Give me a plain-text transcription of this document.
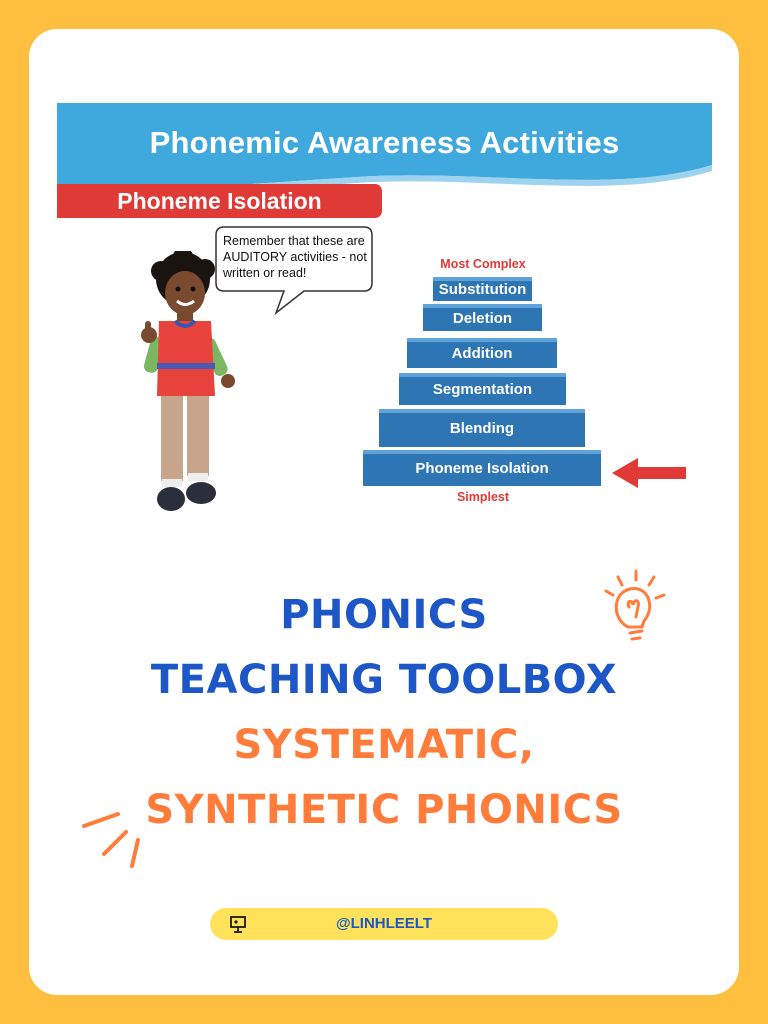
Phonemic Awareness Activities
Phoneme Isolation
Remember that these are AUDITORY activities - not written or read!
Most Complex
Substitution
Deletion
Addition
Segmentation
Blending
Phoneme Isolation
Simplest
PHONICS
TEACHING TOOLBOX
SYSTEMATIC,
SYNTHETIC PHONICS
@LINHLEELT
